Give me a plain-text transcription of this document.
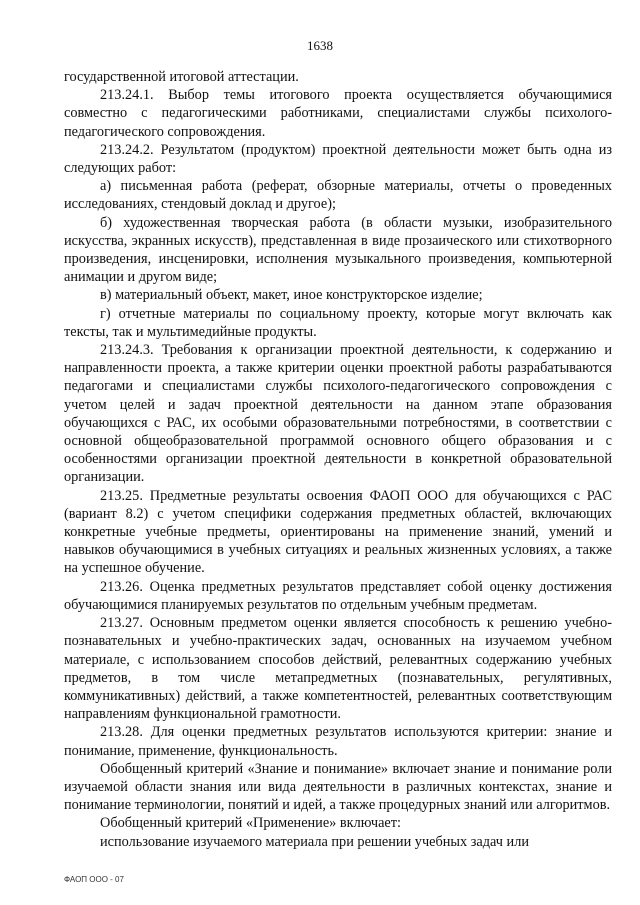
1638

государственной итоговой аттестации.

213.24.1. Выбор темы итогового проекта осуществляется обучающимися совместно с педагогическими работниками, специалистами службы психолого-педагогического сопровождения.

213.24.2. Результатом (продуктом) проектной деятельности может быть одна из следующих работ:

а) письменная работа (реферат, обзорные материалы, отчеты о проведенных исследованиях, стендовый доклад и другое);

б) художественная творческая работа (в области музыки, изобразительного искусства, экранных искусств), представленная в виде прозаического или стихотворного произведения, инсценировки, исполнения музыкального произведения, компьютерной анимации и другом виде;

в) материальный объект, макет, иное конструкторское изделие;

г) отчетные материалы по социальному проекту, которые могут включать как тексты, так и мультимедийные продукты.

213.24.3. Требования к организации проектной деятельности, к содержанию и направленности проекта, а также критерии оценки проектной работы разрабатываются педагогами и специалистами службы психолого-педагогического сопровождения с учетом целей и задач проектной деятельности на данном этапе образования обучающихся с РАС, их особыми образовательными потребностями, в соответствии с основной общеобразовательной программой основного общего образования и с особенностями организации проектной деятельности в конкретной образовательной организации.

213.25. Предметные результаты освоения ФАОП ООО для обучающихся с РАС (вариант 8.2) с учетом специфики содержания предметных областей, включающих конкретные учебные предметы, ориентированы на применение знаний, умений и навыков обучающимися в учебных ситуациях и реальных жизненных условиях, а также на успешное обучение.

213.26. Оценка предметных результатов представляет собой оценку достижения обучающимися планируемых результатов по отдельным учебным предметам.

213.27. Основным предметом оценки является способность к решению учебно-познавательных и учебно-практических задач, основанных на изучаемом учебном материале, с использованием способов действий, релевантных содержанию учебных предметов, в том числе метапредметных (познавательных, регулятивных, коммуникативных) действий, а также компетентностей, релевантных соответствующим направлениям функциональной грамотности.

213.28. Для оценки предметных результатов используются критерии: знание и понимание, применение, функциональность.

Обобщенный критерий «Знание и понимание» включает знание и понимание роли изучаемой области знания или вида деятельности в различных контекстах, знание и понимание терминологии, понятий и идей, а также процедурных знаний или алгоритмов.

Обобщенный критерий «Применение» включает:

использование изучаемого материала при решении учебных задач или

ФАОП ООО - 07
